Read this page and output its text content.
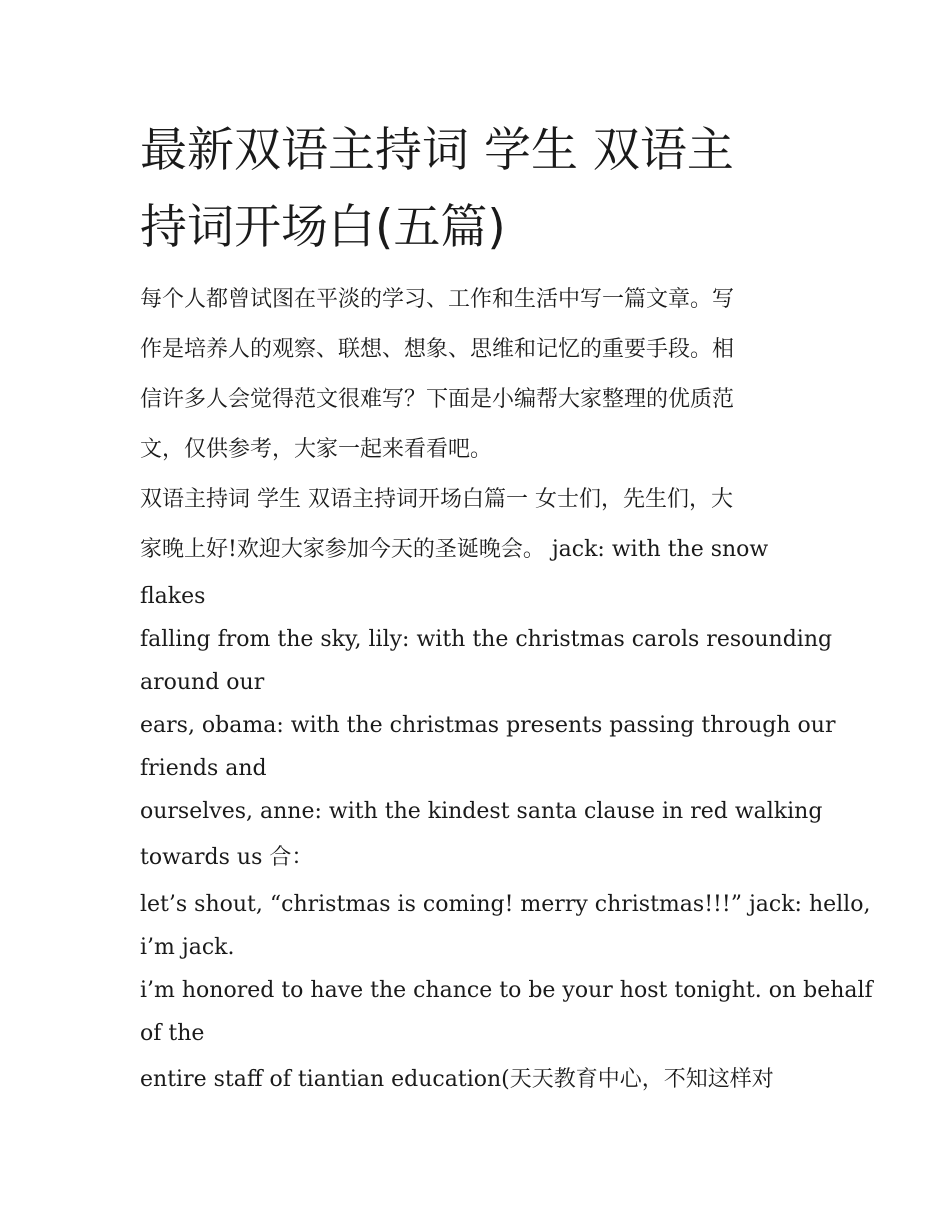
最新双语主持词 学生 双语主
持词开场白(五篇)
每个人都曾试图在平淡的学习、工作和生活中写一篇文章。写
作是培养人的观察、联想、想象、思维和记忆的重要手段。相
信许多人会觉得范文很难写？下面是小编帮大家整理的优质范
文，仅供参考，大家一起来看看吧。
双语主持词 学生 双语主持词开场白篇一 女士们，先生们，大
家晚上好!欢迎大家参加今天的圣诞晚会。 jack: with the snow
flakes
falling from the sky, lily: with the christmas carols resounding
around our
ears, obama: with the christmas presents passing through our
friends and
ourselves, anne: with the kindest santa clause in red walking
towards us 合：
let’s shout, “christmas is coming! merry christmas!!!” jack: hello,
i’m jack.
i’m honored to have the chance to be your host tonight. on behalf
of the
entire staff of tiantian education(天天教育中心，不知这样对
